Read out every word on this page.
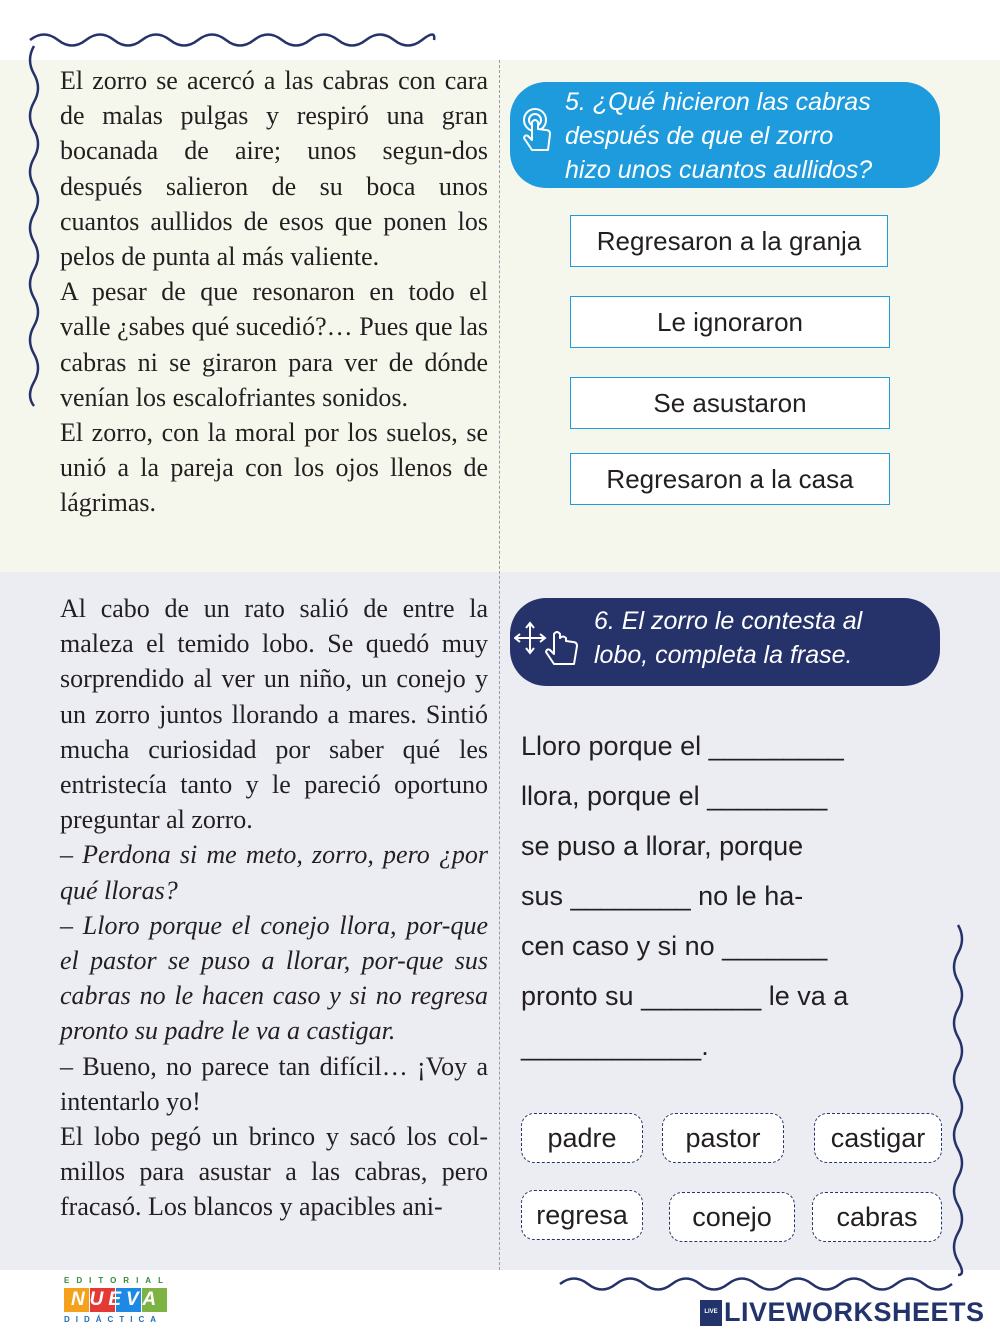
El zorro se acercó a las cabras con cara de malas pulgas y respiró una gran bocanada de aire; unos segun-dos después salieron de su boca unos cuantos aullidos de esos que ponen los pelos de punta al más valiente.

A pesar de que resonaron en todo el valle ¿sabes qué sucedió?… Pues que las cabras ni se giraron para ver de dónde venían los escalofriantes sonidos.

El zorro, con la moral por los suelos, se unió a la pareja con los ojos llenos de lágrimas.

5. ¿Qué hicieron las cabras
después de que el zorro
hizo unos cuantos aullidos?
Regresaron a la granja
Le ignoraron
Se asustaron
Regresaron a la casa

Al cabo de un rato salió de entre la maleza el temido lobo. Se quedó muy sorprendido al ver un niño, un conejo y un zorro juntos llorando a mares. Sintió mucha curiosidad por saber qué les entristecía tanto y le pareció oportuno preguntar al zorro.

– Perdona si me meto, zorro, pero ¿por qué lloras?

– Lloro porque el conejo llora, por-que el pastor se puso a llorar, por-que sus cabras no le hacen caso y si no regresa pronto su padre le va a castigar.

– Bueno, no parece tan difícil… ¡Voy a intentarlo yo!

El lobo pegó un brinco y sacó los col-millos para asustar a las cabras, pero fracasó. Los blancos y apacibles ani-

6. El zorro le contesta al
lobo, completa la frase.
Lloro porque el _________
llora, porque el ________
se puso a llorar, porque
sus ________ no le ha-
cen caso y si no _______
pronto su ________ le va a
____________.
padre	pastor	castigar
regresa	conejo	cabras
EDITORIAL
NUEVA
DIDÁCTICA
LIVE LIVEWORKSHEETS
